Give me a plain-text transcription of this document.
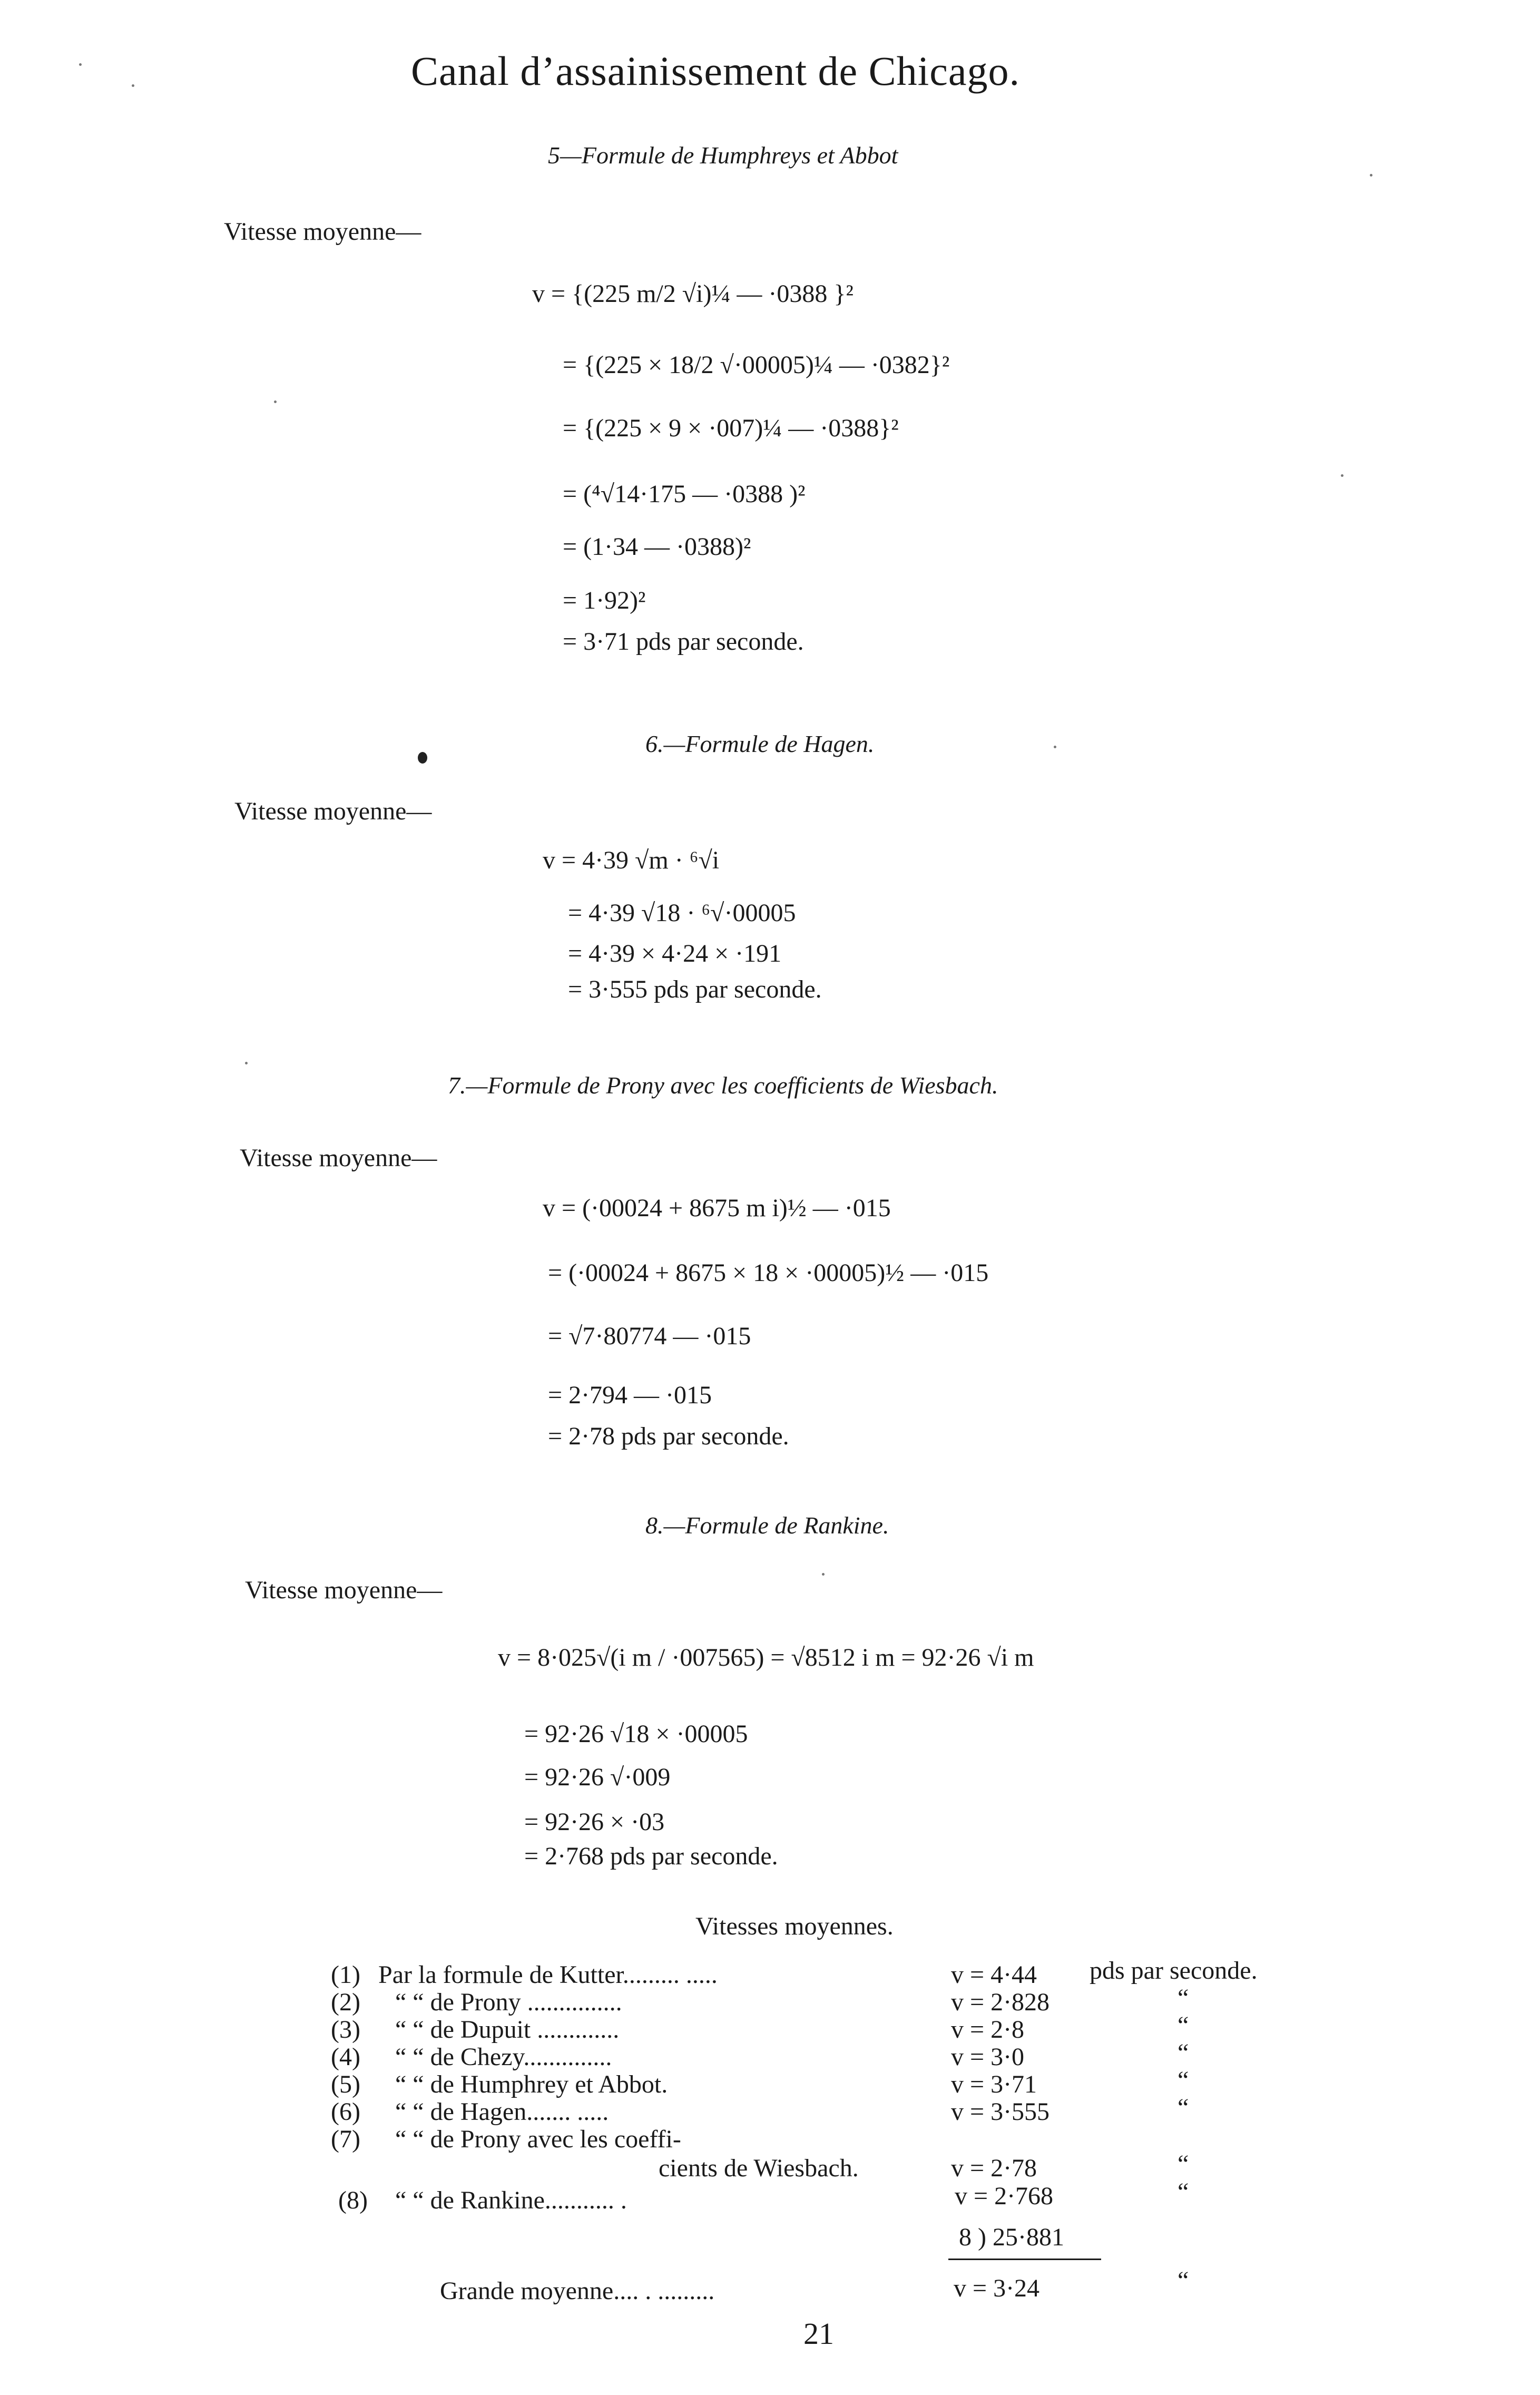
Canal d’assainissement de Chicago.
5—Formule de Humphreys et Abbot
Vitesse moyenne—
v = {(225 m/2 √i)¼ — ·0388 }²
= {(225 × 18/2 √·00005)¼ — ·0382}²
= {(225 × 9 × ·007)¼ — ·0388}²
= (⁴√14·175 — ·0388 )²
= (1·34 — ·0388)²
= 1·92)²
= 3·71 pds par seconde.
6.—Formule de Hagen.
Vitesse moyenne—
v = 4·39 √m · ⁶√i
= 4·39 √18 · ⁶√·00005
= 4·39 × 4·24 × ·191
= 3·555 pds par seconde.
7.—Formule de Prony avec les coefficients de Wiesbach.
Vitesse moyenne—
v = (·00024 + 8675 m i)½ — ·015
= (·00024 + 8675 × 18 × ·00005)½ — ·015
= √7·80774 — ·015
= 2·794 — ·015
= 2·78 pds par seconde.
8.—Formule de Rankine.
Vitesse moyenne—
v = 8·025√(i m / ·007565) = √8512 i m = 92·26 √i m
= 92·26 √18 × ·00005
= 92·26 √·009
= 92·26 × ·03
= 2·768 pds par seconde.
Vitesses moyennes.
(1) Par la formule de Kutter......... .....	v = 4·44 pds par seconde.
(2) “ “ de Prony ...............	v = 2·828	“
(3) “ “ de Dupuit .............	v = 2·8	“
(4) “ “ de Chezy..............	v = 3·0	“
(5) “ “ de Humphrey et Abbot.	v = 3·71	“
(6) “ “ de Hagen....... .....	v = 3·555	“
(7) “ “ de Prony avec les coeffi-
cients de Wiesbach.	v = 2·78	“
(8) “ “ de Rankine........... .	v = 2·768	“
8 ) 25·881
Grande moyenne.... . .........	v = 3·24	“
21
